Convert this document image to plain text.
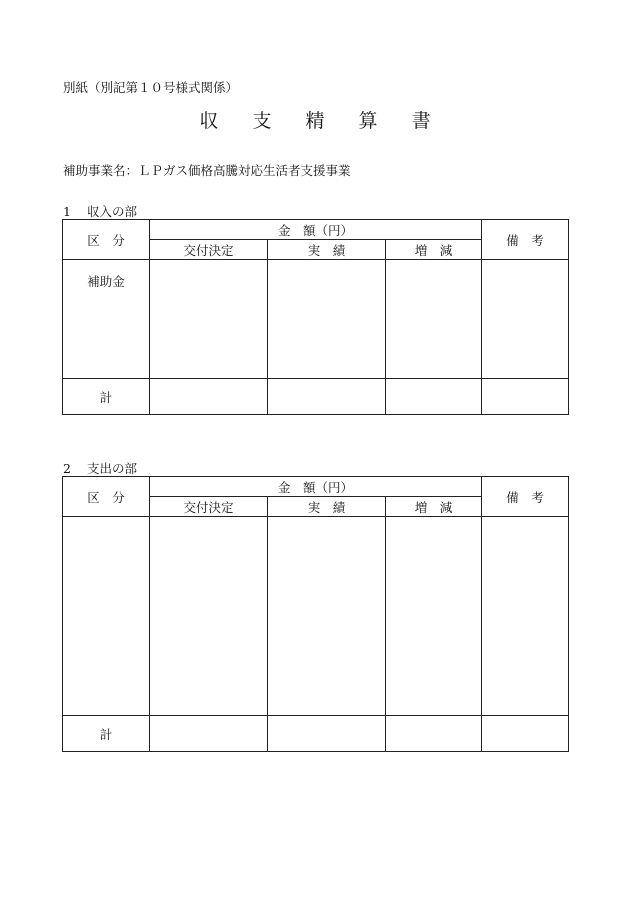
別紙（別記第１０号様式関係）
収 支 精 算 書
補助事業名：ＬＰガス価格高騰対応生活者支援事業
1 収入の部
区　分	金　額（円）			備　考
	交付決定	実　績	増　減	
補助金				
計				
2 支出の部
区　分	金　額（円）			備　考
	交付決定	実　績	増　減	

計				
